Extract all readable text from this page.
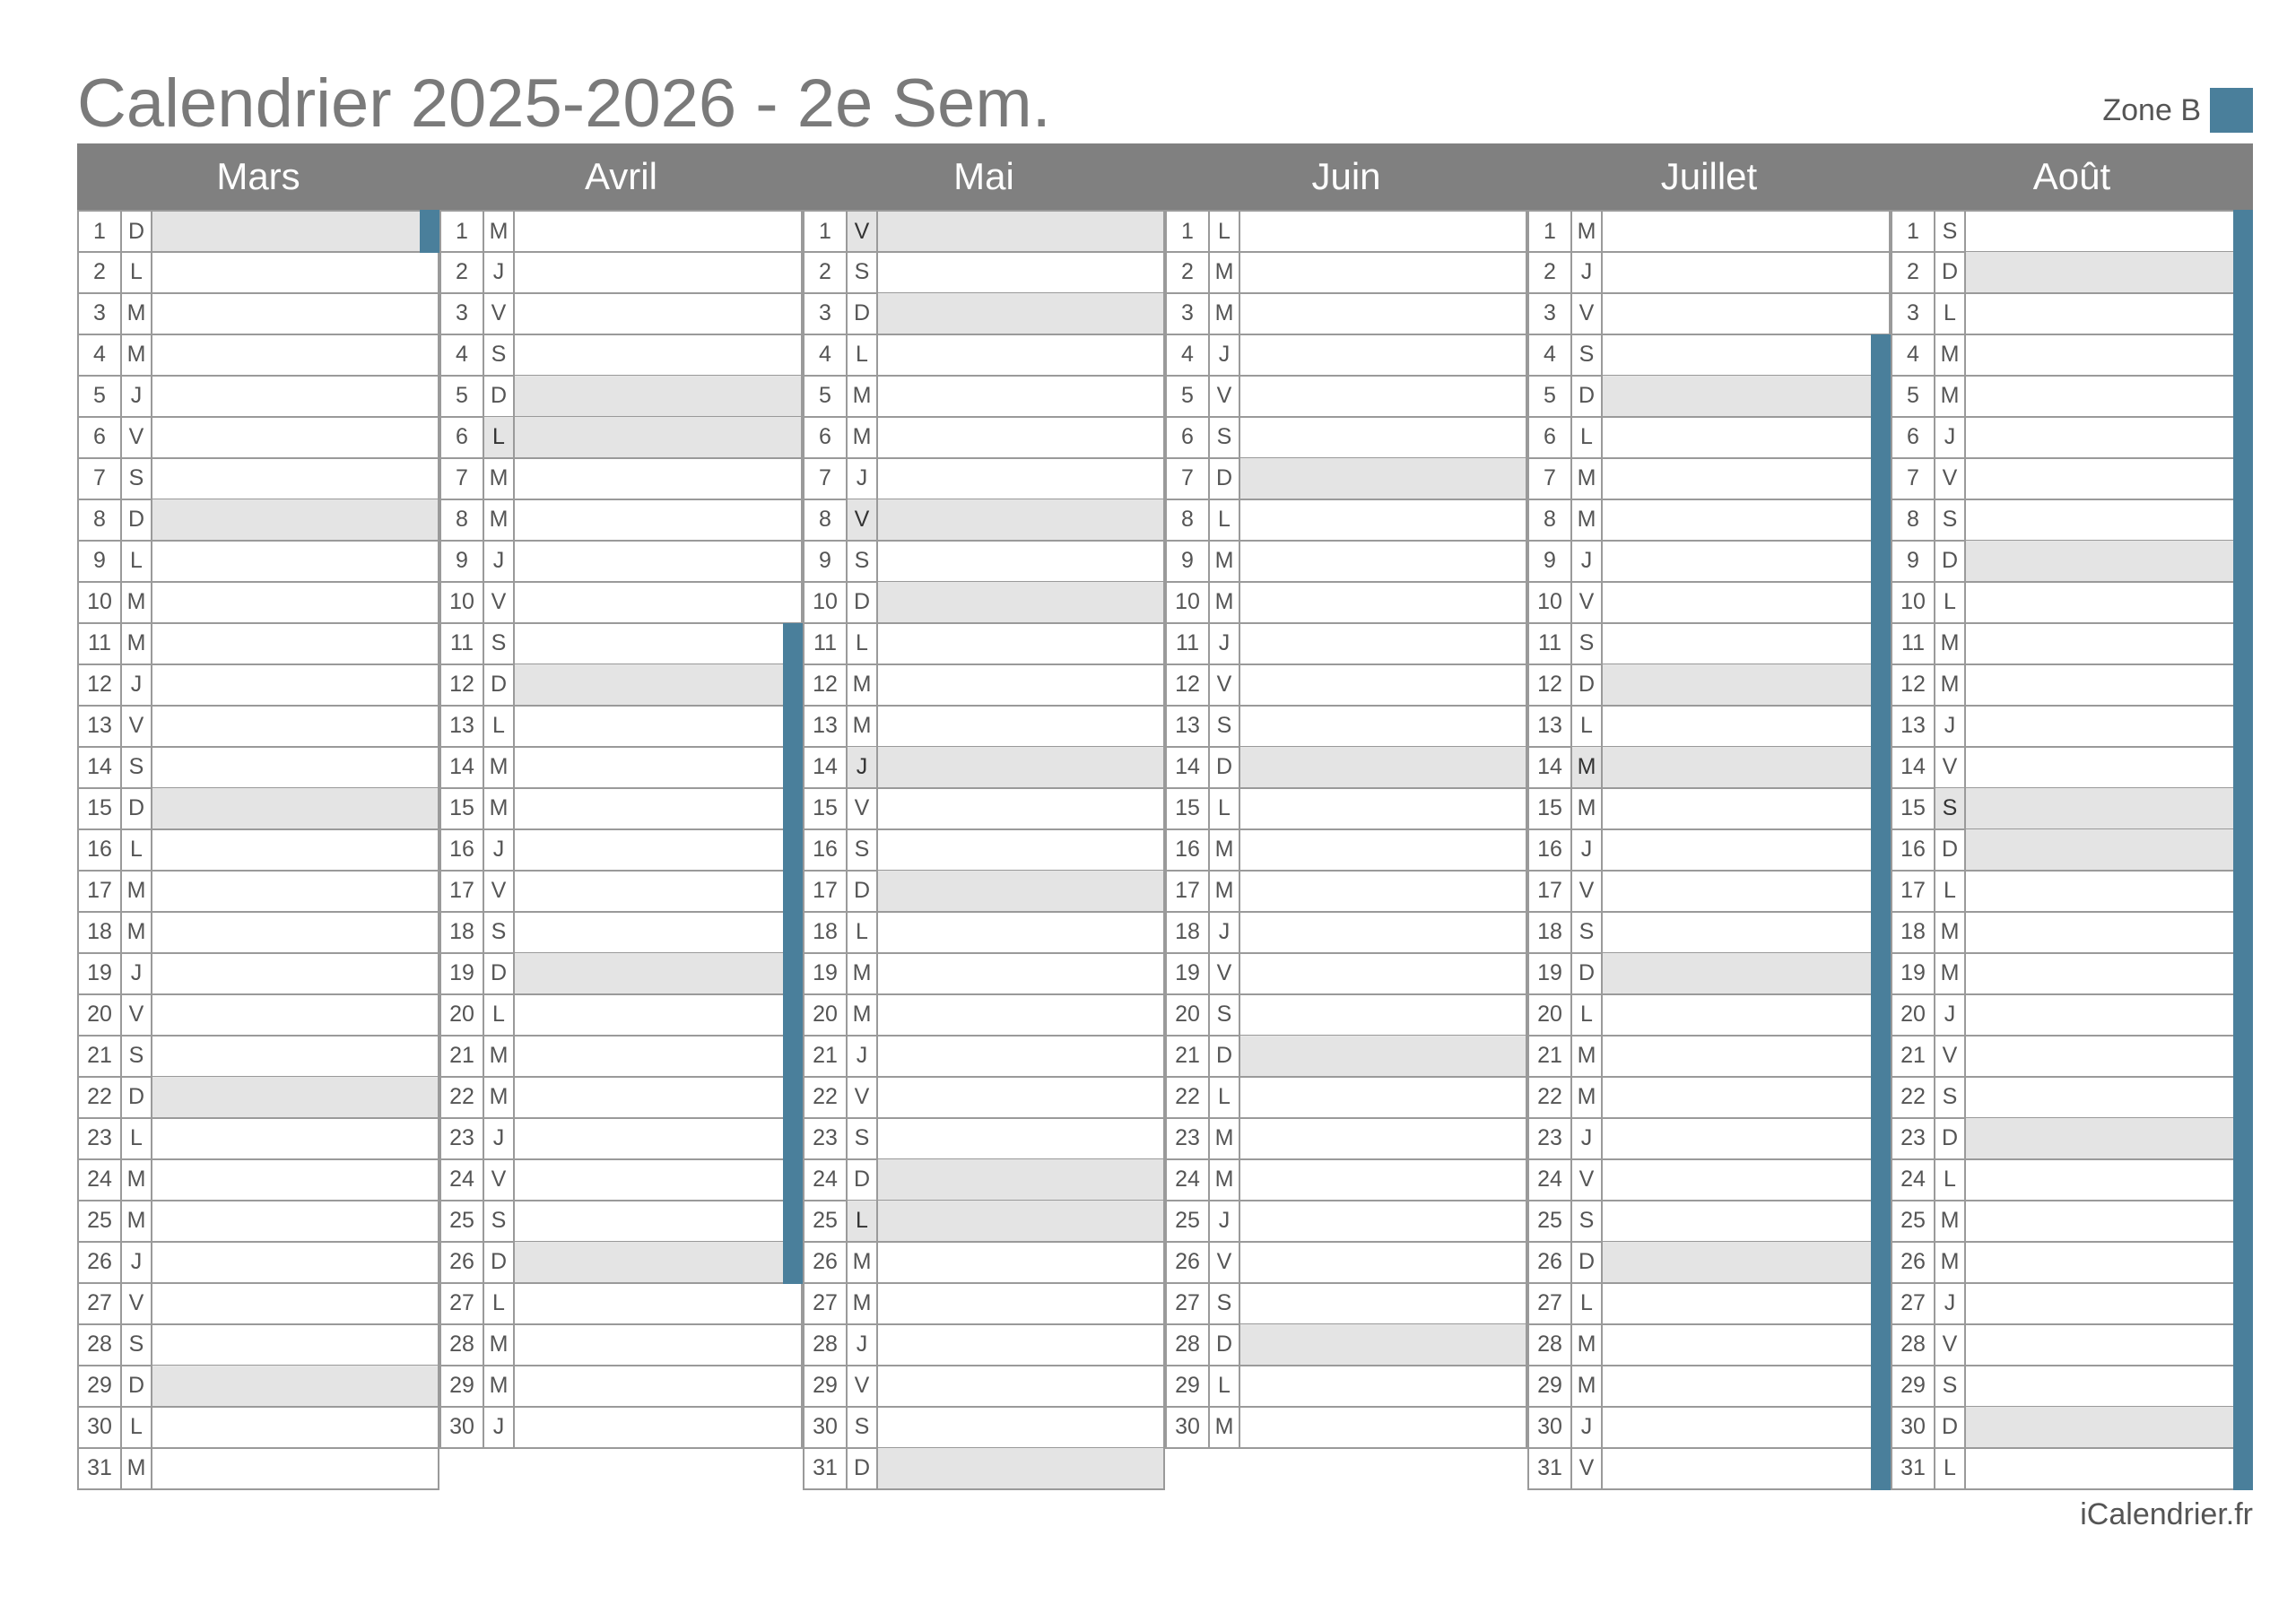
Calendrier 2025-2026 - 2e Sem.	Zone B
Mars
1	D
2	L
3 M
4 M
5	J
6	V
7	S
8	D
9	L
10 M
11 M
12 J
13 V
14 S
15 D
16 L
17 M
18 M
19 J
20 V
21 S
22 D
23 L
24 M
25 M
26 J
27 V
28 S
29 D
30 L
31 M
Avril
1 M
2	J
3	V
4	S
5	D
6	L
7 M
8 M
9	J
10 V
11 S
12 D
13 L
14 M
15 M
16 J
17 V
18 S
19 D
20 L
21 M
22 M
23 J
24 V
25 S
26 D
27 L
28 M
29 M
30 J
Mai
1	V
2	S
3	D
4	L
5 M
6 M
7	J
8	V
9	S
10 D
11 L
12 M
13 M
14 J
15 V
16 S
17 D
18 L
19 M
20 M
21 J
22 V
23 S
24 D
25 L
26 M
27 M
28 J
29 V
30 S
31 D
Juin
1	L
2 M
3 M
4	J
5	V
6	S
7	D
8	L
9 M
10 M
11 J
12 V
13 S
14 D
15 L
16 M
17 M
18 J
19 V
20 S
21 D
22 L
23 M
24 M
25 J
26 V
27 S
28 D
29 L
30 M
Juillet
1 M
2	J
3	V
4	S
5	D
6	L
7 M
8 M
9	J
10 V
11 S
12 D
13 L
14 M
15 M
16 J
17 V
18 S
19 D
20 L
21 M
22 M
23 J
24 V
25 S
26 D
27 L
28 M
29 M
30 J
31 V
Août
1	S
2	D
3	L
4 M
5 M
6	J
7	V
8	S
9	D
10 L
11 M
12 M
13 J
14 V
15 S
16 D
17 L
18 M
19 M
20 J
21 V
22 S
23 D
24 L
25 M
26 M
27 J
28 V
29 S
30 D
31 L
iCalendrier.fr
